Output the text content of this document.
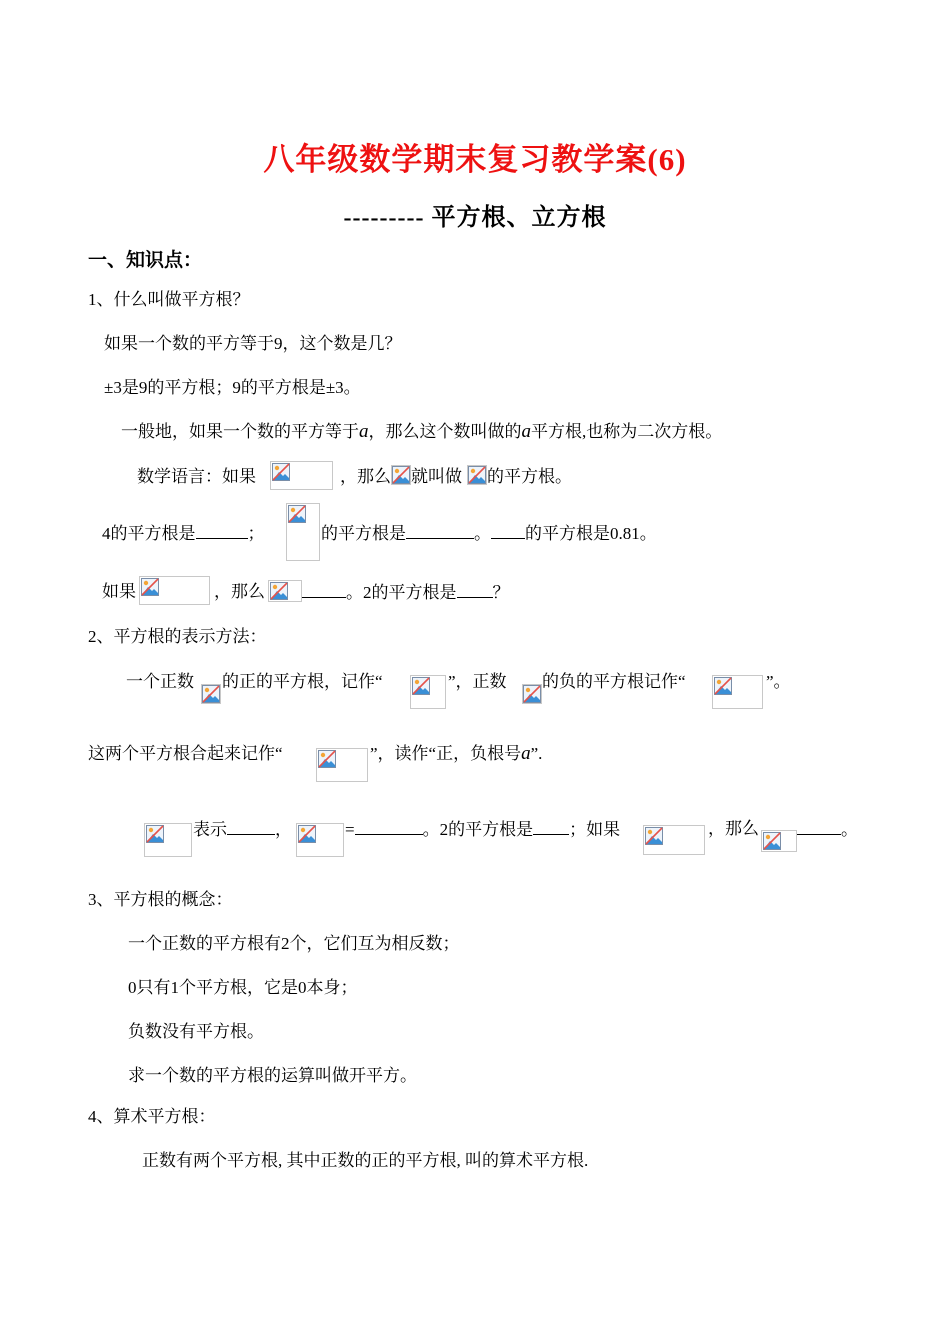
八年级数学期末复习教学案(6)
--------- 平方根、立方根
一、知识点：
1、什么叫做平方根？
如果一个数的平方等于9，这个数是几？
±3是9的平方根；9的平方根是±3。
一般地，如果一个数的平方等于a，那么这个数叫做的a平方根,也称为二次方根。
数学语言：如果	，那么 就叫做 的平方根。
4的平方根是	；	的平方根是	。 的平方根是0.81。
如果	，那么	。2的平方根是 ？
2、平方根的表示方法：
一个正数 的正的平方根，记作“	”，正数 的负的平方根记作“	”。
这两个平方根合起来记作“	”，读作“正，负根号a”.
表示	，	=	。2的平方根是 ；如果	，那么	。
3、平方根的概念：
一个正数的平方根有2个，它们互为相反数；
0只有1个平方根，它是0本身；
负数没有平方根。
求一个数的平方根的运算叫做开平方。
4、算术平方根：
正数有两个平方根, 其中正数的正的平方根, 叫的算术平方根.
